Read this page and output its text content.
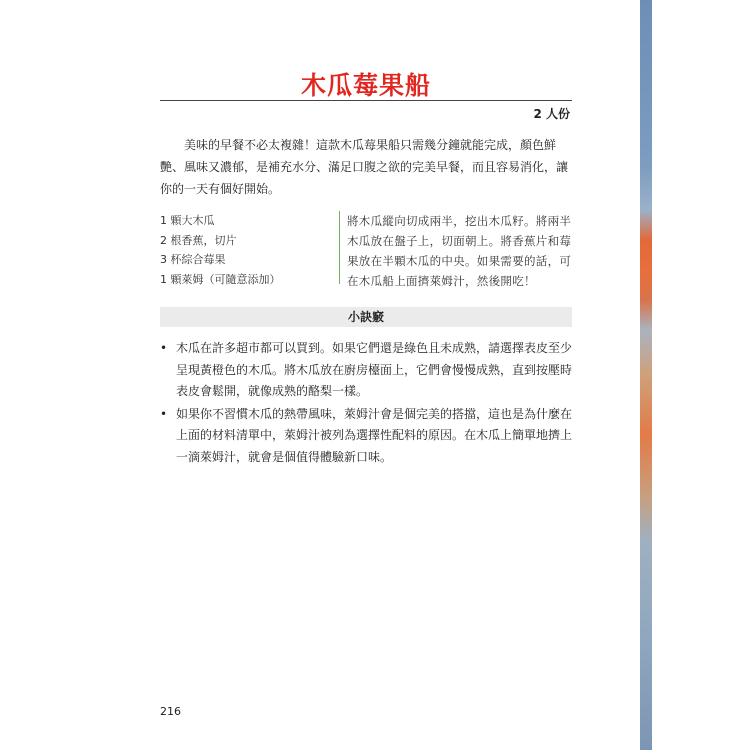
木瓜莓果船
2 人份
美味的早餐不必太複雜！這款木瓜莓果船只需幾分鐘就能完成，顏色鮮艷、風味又濃郁，是補充水分、滿足口腹之欲的完美早餐，而且容易消化，讓你的一天有個好開始。
1 顆大木瓜
2 根香蕉，切片
3 杯綜合莓果
1 顆萊姆（可隨意添加）
將木瓜縱向切成兩半，挖出木瓜籽。將兩半木瓜放在盤子上，切面朝上。將香蕉片和莓果放在半顆木瓜的中央。如果需要的話，可在木瓜船上面擠萊姆汁，然後開吃！
小訣竅
• 木瓜在許多超市都可以買到。如果它們還是綠色且未成熟，請選擇表皮至少呈現黃橙色的木瓜。將木瓜放在廚房檯面上，它們會慢慢成熟，直到按壓時表皮會鬆開，就像成熟的酪梨一樣。
• 如果你不習慣木瓜的熱帶風味，萊姆汁會是個完美的搭擋，這也是為什麼在上面的材料清單中，萊姆汁被列為選擇性配料的原因。在木瓜上簡單地擠上一滴萊姆汁，就會是個值得體驗新口味。
216
